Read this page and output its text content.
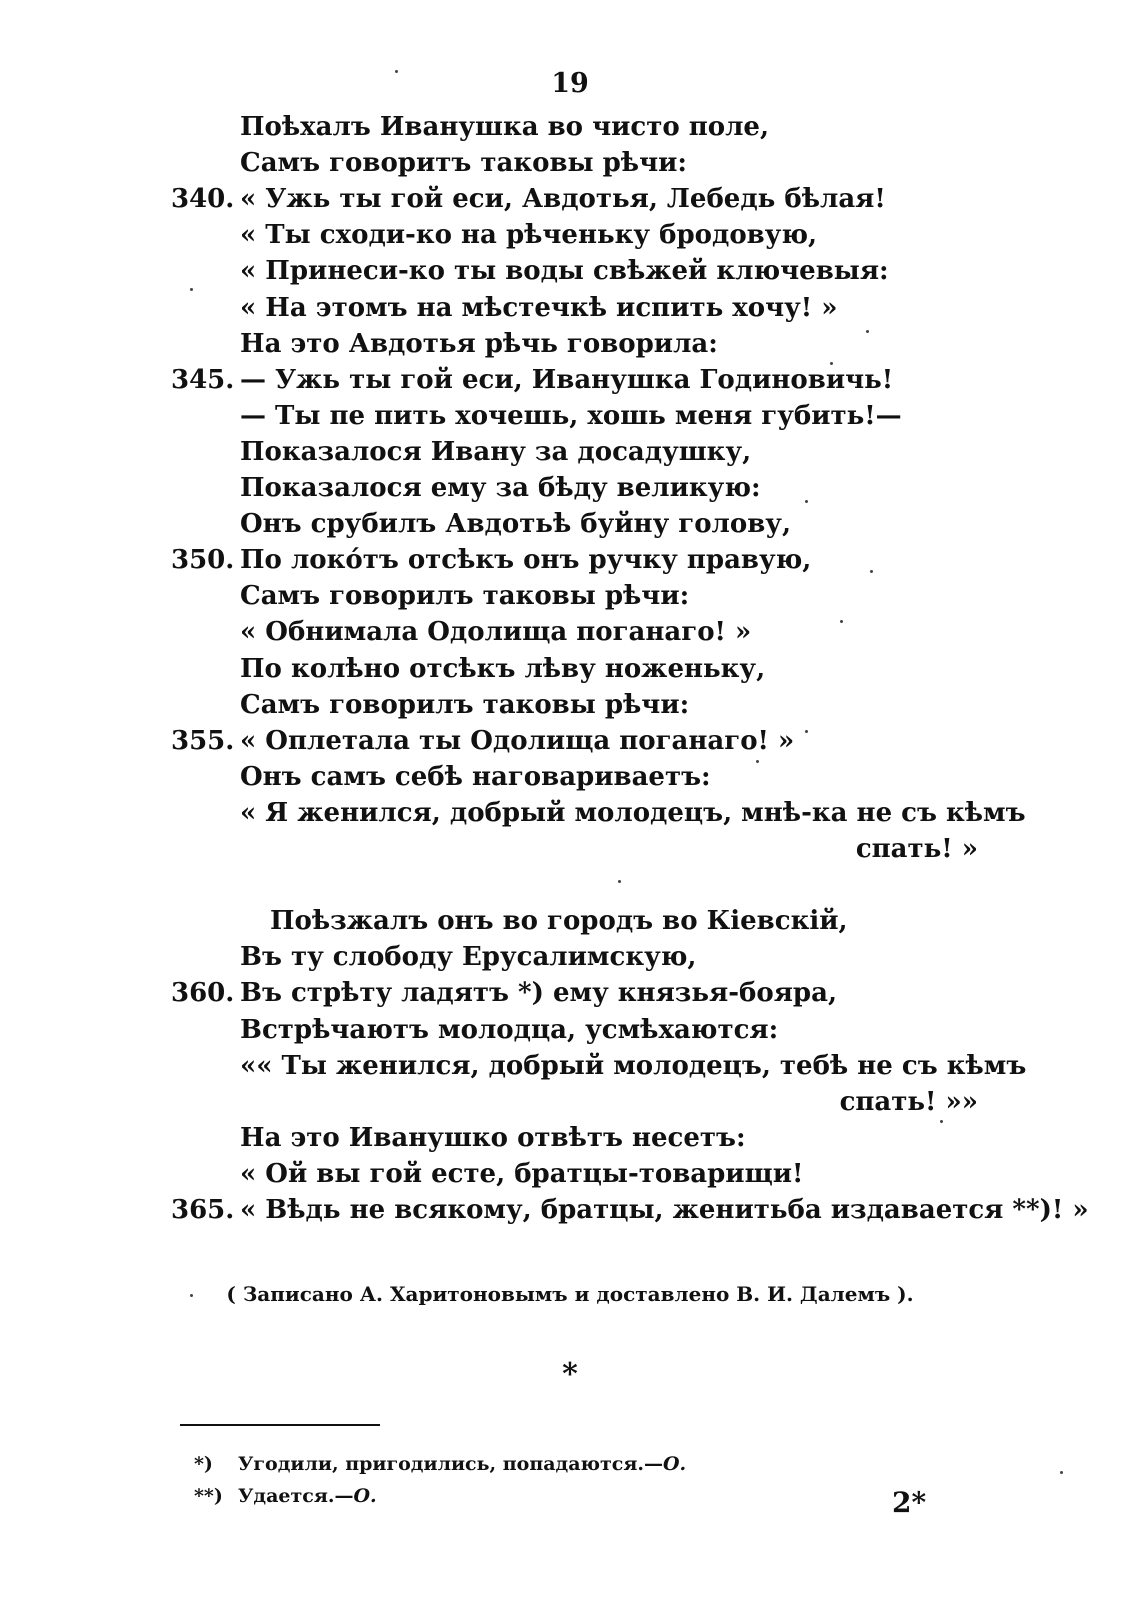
19
Поѣхалъ Иванушка во чисто поле,
Самъ говоритъ таковы рѣчи:
340. « Ужь ты гой еси, Авдотья, Лебедь бѣлая!
« Ты сходи-ко на рѣченьку бродовую,
« Принеси-ко ты воды свѣжей ключевыя:
« На этомъ на мѣстечкѣ испить хочу! »
На это Авдотья рѣчь говорила:
345. — Ужь ты гой еси, Иванушка Годиновичь!
— Ты пе пить хочешь, хошь меня губить!—
Показалося Ивану за досадушку,
Показалося ему за бѣду великую:
Онъ срубилъ Авдотьѣ буйну голову,
350. По локо́тъ отсѣкъ онъ ручку правую,
Самъ говорилъ таковы рѣчи:
« Обнимала Одолища поганаго! »
По колѣно отсѣкъ лѣву ноженьку,
Самъ говорилъ таковы рѣчи:
355. « Оплетала ты Одолища поганаго! »
Онъ самъ себѣ наговариваетъ:
« Я женился, добрый молодецъ, мнѣ-ка не съ кѣмъ
спать! »
Поѣзжалъ онъ во городъ во Кіевскій,
Въ ту слободу Ерусалимскую,
360. Въ стрѣту ладятъ *) ему князья-бояра,
Встрѣчаютъ молодца, усмѣхаются:
«« Ты женился, добрый молодецъ, тебѣ не съ кѣмъ
спать! »»
На это Иванушко отвѣтъ несетъ:
« Ой вы гой есте, братцы-товарищи!
365. « Вѣдь не всякому, братцы, женитьба издавается **)! »
( Записано А. Харитоновымъ и доставлено В. И. Далемъ ).
*
*) Угодили, пригодились, попадаются.—О.
**) Удается.—О.	2*
